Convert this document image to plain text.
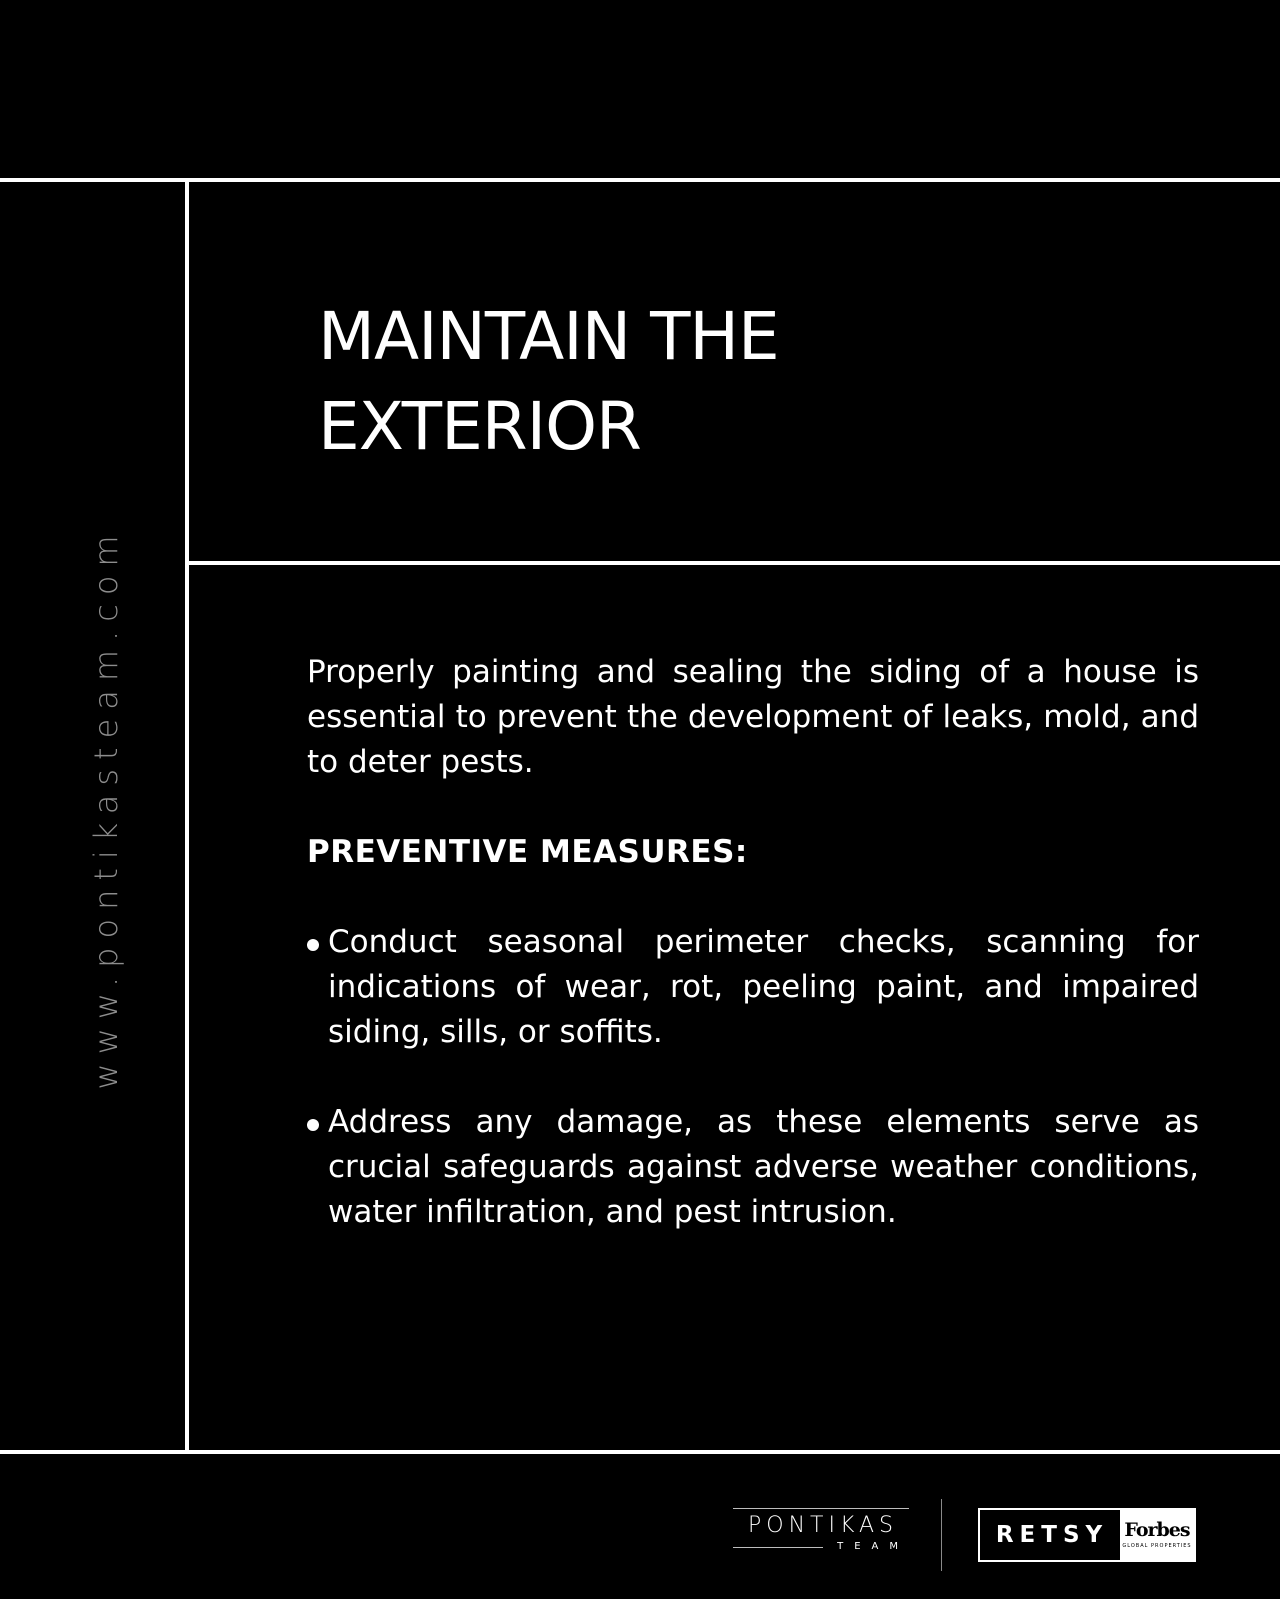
www.pontikasteam.com
MAINTAIN THE
EXTERIOR

Properly painting and sealing the siding of a house is essential to prevent the development of leaks, mold, and to deter pests.

PREVENTIVE MEASURES:

Conduct seasonal perimeter checks, scanning for indications of wear, rot, peeling paint, and impaired siding, sills, or soffits.
Address any damage, as these elements serve as crucial safeguards against adverse weather conditions, water infiltration, and pest intrusion.
PONTIKAS
TEAM	RETSY Forbes
GLOBAL PROPERTIES
